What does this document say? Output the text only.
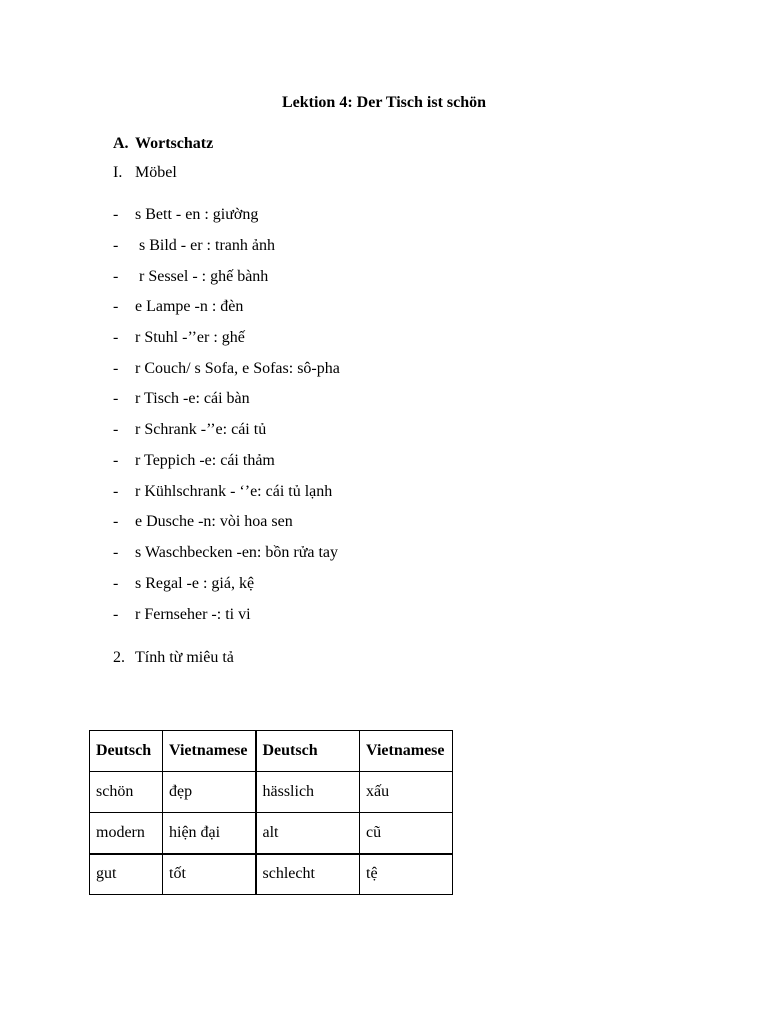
Lektion 4: Der Tisch ist schön
A. Wortschatz
I. Möbel
- s Bett - en : giường
- s Bild - er : tranh ảnh
- r Sessel - : ghế bành
- e Lampe -n : đèn
- r Stuhl -’’er : ghế
- r Couch/ s Sofa, e Sofas: sô-pha
- r Tisch -e: cái bàn
- r Schrank -’’e: cái tủ
- r Teppich -e: cái thảm
- r Kühlschrank - ‘’e: cái tủ lạnh
- e Dusche -n: vòi hoa sen
- s Waschbecken -en: bồn rửa tay
- s Regal -e : giá, kệ
- r Fernseher -: ti vi
2. Tính từ miêu tả
Deutsch	Vietnamese	Deutsch	Vietnamese
schön	đẹp	hässlich	xấu
modern	hiện đại	alt	cũ
gut	tốt	schlecht	tệ
